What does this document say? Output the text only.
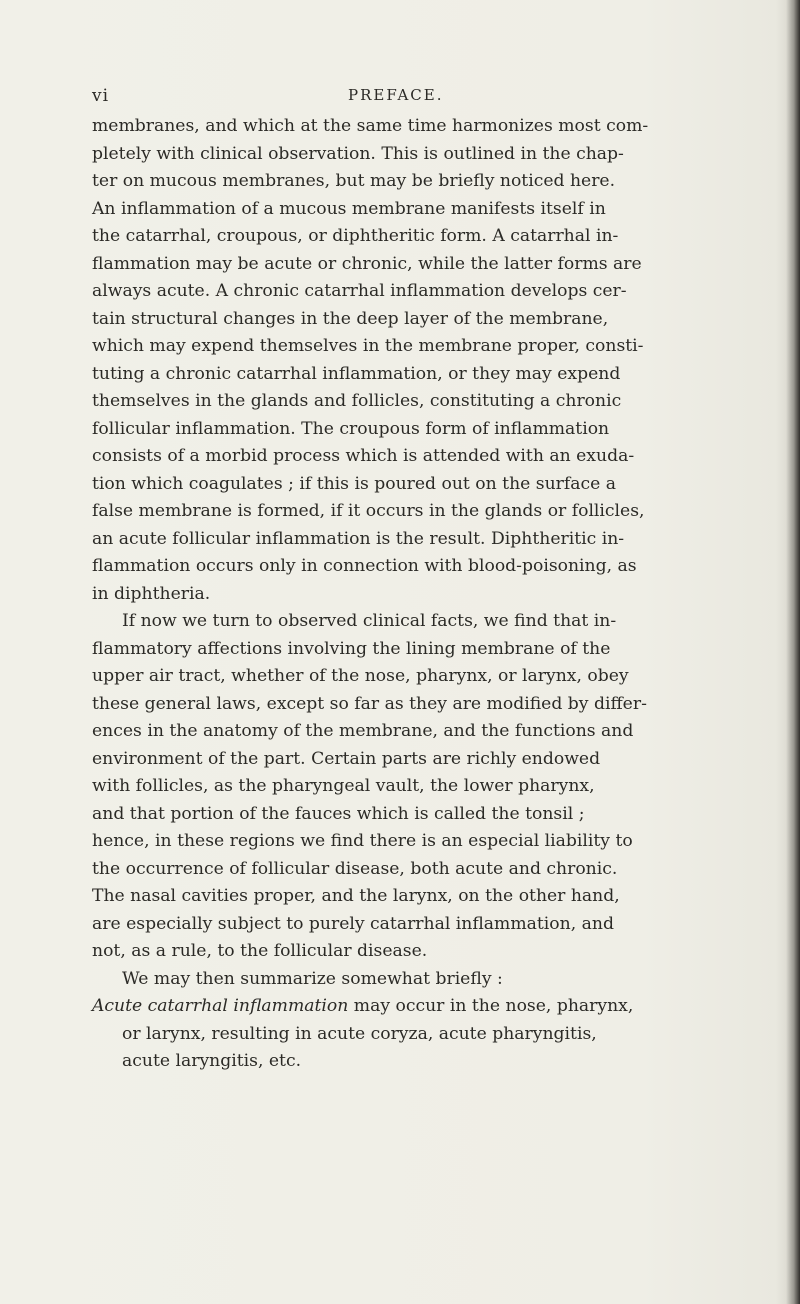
vi	PREFACE.
membranes, and which at the same time harmonizes most com-
pletely with clinical observation. This is outlined in the chap-
ter on mucous membranes, but may be briefly noticed here.
An inflammation of a mucous membrane manifests itself in
the catarrhal, croupous, or diphtheritic form. A catarrhal in-
flammation may be acute or chronic, while the latter forms are
always acute. A chronic catarrhal inflammation develops cer-
tain structural changes in the deep layer of the membrane,
which may expend themselves in the membrane proper, consti-
tuting a chronic catarrhal inflammation, or they may expend
themselves in the glands and follicles, constituting a chronic
follicular inflammation. The croupous form of inflammation
consists of a morbid process which is attended with an exuda-
tion which coagulates ; if this is poured out on the surface a
false membrane is formed, if it occurs in the glands or follicles,
an acute follicular inflammation is the result. Diphtheritic in-
flammation occurs only in connection with blood-poisoning, as
in diphtheria.
If now we turn to observed clinical facts, we find that in-
flammatory affections involving the lining membrane of the
upper air tract, whether of the nose, pharynx, or larynx, obey
these general laws, except so far as they are modified by differ-
ences in the anatomy of the membrane, and the functions and
environment of the part. Certain parts are richly endowed
with follicles, as the pharyngeal vault, the lower pharynx,
and that portion of the fauces which is called the tonsil ;
hence, in these regions we find there is an especial liability to
the occurrence of follicular disease, both acute and chronic.
The nasal cavities proper, and the larynx, on the other hand,
are especially subject to purely catarrhal inflammation, and
not, as a rule, to the follicular disease.
We may then summarize somewhat briefly :
Acute catarrhal inflammation may occur in the nose, pharynx,
or larynx, resulting in acute coryza, acute pharyngitis,
acute laryngitis, etc.
